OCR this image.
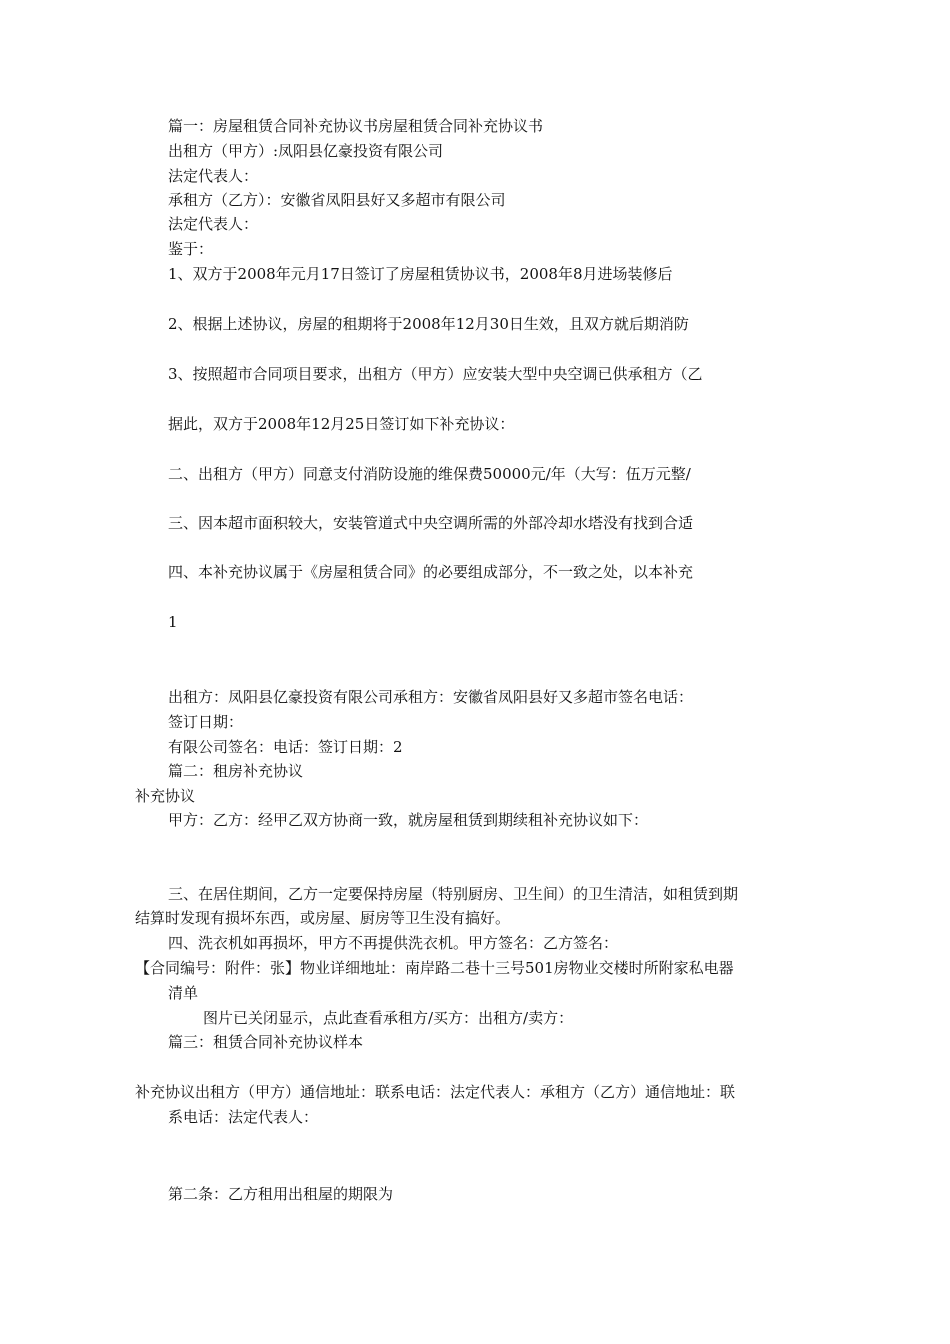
篇一：房屋租赁合同补充协议书房屋租赁合同补充协议书
出租方（甲方）:凤阳县亿豪投资有限公司
法定代表人：
承租方（乙方）：安徽省凤阳县好又多超市有限公司
法定代表人：
鉴于：
1、双方于2008年元月17日签订了房屋租赁协议书，2008年8月进场装修后
2、根据上述协议，房屋的租期将于2008年12月30日生效，且双方就后期消防
3、按照超市合同项目要求，出租方（甲方）应安装大型中央空调已供承租方（乙
据此，双方于2008年12月25日签订如下补充协议：
二、出租方（甲方）同意支付消防设施的维保费50000元/年（大写：伍万元整/
三、因本超市面积较大，安装管道式中央空调所需的外部冷却水塔没有找到合适
四、本补充协议属于《房屋租赁合同》的必要组成部分，不一致之处，以本补充
1
出租方：凤阳县亿豪投资有限公司承租方：安徽省凤阳县好又多超市签名电话：
签订日期：
有限公司签名：电话：签订日期：2
篇二：租房补充协议
补充协议
甲方：乙方：经甲乙双方协商一致，就房屋租赁到期续租补充协议如下：
三、在居住期间，乙方一定要保持房屋（特别厨房、卫生间）的卫生清洁，如租赁到期
结算时发现有损坏东西，或房屋、厨房等卫生没有搞好。
四、洗衣机如再损坏，甲方不再提供洗衣机。甲方签名：乙方签名：
【合同编号：附件：张】物业详细地址：南岸路二巷十三号501房物业交楼时所附家私电器
清单
图片已关闭显示，点此查看承租方/买方：出租方/卖方：
篇三：租赁合同补充协议样本
补充协议出租方（甲方）通信地址：联系电话：法定代表人：承租方（乙方）通信地址：联
系电话：法定代表人：
第二条：乙方租用出租屋的期限为
